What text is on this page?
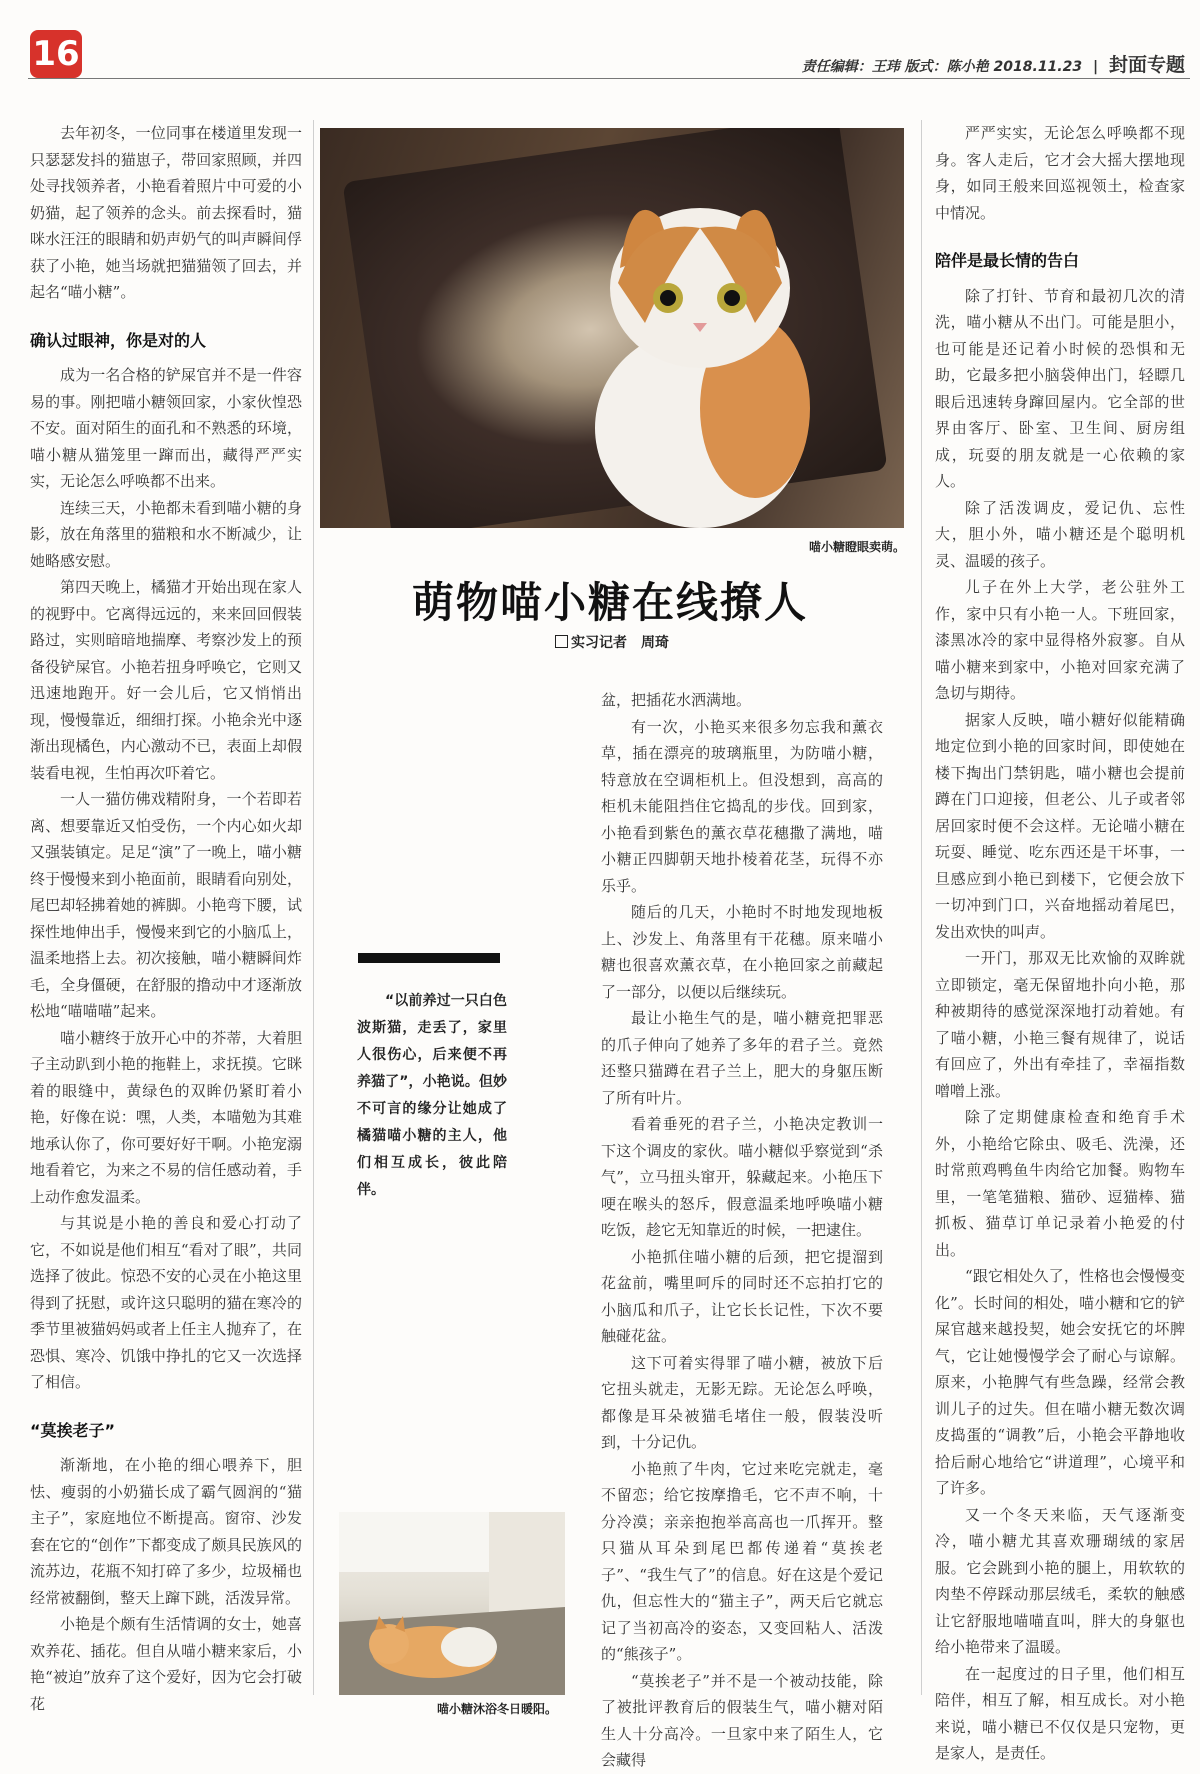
16	责任编辑：王玮 版式：陈小艳 2018.11.23 | 封面专题

去年初冬，一位同事在楼道里发现一只瑟瑟发抖的猫崽子，带回家照顾，并四处寻找领养者，小艳看着照片中可爱的小奶猫，起了领养的念头。前去探看时，猫咪水汪汪的眼睛和奶声奶气的叫声瞬间俘获了小艳，她当场就把猫猫领了回去，并起名“喵小糖”。

确认过眼神，你是对的人

成为一名合格的铲屎官并不是一件容易的事。刚把喵小糖领回家，小家伙惶恐不安。面对陌生的面孔和不熟悉的环境，喵小糖从猫笼里一蹿而出，藏得严严实实，无论怎么呼唤都不出来。

连续三天，小艳都未看到喵小糖的身影，放在角落里的猫粮和水不断减少，让她略感安慰。

第四天晚上，橘猫才开始出现在家人的视野中。它离得远远的，来来回回假装路过，实则暗暗地揣摩、考察沙发上的预备役铲屎官。小艳若扭身呼唤它，它则又迅速地跑开。好一会儿后，它又悄悄出现，慢慢靠近，细细打探。小艳余光中逐渐出现橘色，内心激动不已，表面上却假装看电视，生怕再次吓着它。

一人一猫仿佛戏精附身，一个若即若离、想要靠近又怕受伤，一个内心如火却又强装镇定。足足“演”了一晚上，喵小糖终于慢慢来到小艳面前，眼睛看向别处，尾巴却轻拂着她的裤脚。小艳弯下腰，试探性地伸出手，慢慢来到它的小脑瓜上，温柔地搭上去。初次接触，喵小糖瞬间炸毛，全身僵硬，在舒服的撸动中才逐渐放松地“喵喵喵”起来。

喵小糖终于放开心中的芥蒂，大着胆子主动趴到小艳的拖鞋上，求抚摸。它眯着的眼缝中，黄绿色的双眸仍紧盯着小艳，好像在说：嘿，人类，本喵勉为其难地承认你了，你可要好好干啊。小艳宠溺地看着它，为来之不易的信任感动着，手上动作愈发温柔。

与其说是小艳的善良和爱心打动了它，不如说是他们相互“看对了眼”，共同选择了彼此。惊恐不安的心灵在小艳这里得到了抚慰，或许这只聪明的猫在寒冷的季节里被猫妈妈或者上任主人抛弃了，在恐惧、寒冷、饥饿中挣扎的它又一次选择了相信。

“莫挨老子”

渐渐地，在小艳的细心喂养下，胆怯、瘦弱的小奶猫长成了霸气圆润的“猫主子”，家庭地位不断提高。窗帘、沙发套在它的“创作”下都变成了颇具民族风的流苏边，花瓶不知打碎了多少，垃圾桶也经常被翻倒，整天上蹿下跳，活泼异常。

小艳是个颇有生活情调的女士，她喜欢养花、插花。但自从喵小糖来家后，小艳“被迫”放弃了这个爱好，因为它会打破花

喵小糖瞪眼卖萌。
萌物喵小糖在线撩人
实习记者　周琦
“以前养过一只白色波斯猫，走丢了，家里人很伤心，后来便不再养猫了”，小艳说。但妙不可言的缘分让她成了橘猫喵小糖的主人，他们相互成长，彼此陪伴。

盆，把插花水洒满地。

有一次，小艳买来很多勿忘我和薰衣草，插在漂亮的玻璃瓶里，为防喵小糖，特意放在空调柜机上。但没想到，高高的柜机未能阻挡住它捣乱的步伐。回到家，小艳看到紫色的薰衣草花穗撒了满地，喵小糖正四脚朝天地扑棱着花茎，玩得不亦乐乎。

随后的几天，小艳时不时地发现地板上、沙发上、角落里有干花穗。原来喵小糖也很喜欢薰衣草，在小艳回家之前藏起了一部分，以便以后继续玩。

最让小艳生气的是，喵小糖竟把罪恶的爪子伸向了她养了多年的君子兰。竟然还整只猫蹲在君子兰上，肥大的身躯压断了所有叶片。

看着垂死的君子兰，小艳决定教训一下这个调皮的家伙。喵小糖似乎察觉到“杀气”，立马扭头窜开，躲藏起来。小艳压下哽在喉头的怒斥，假意温柔地呼唤喵小糖吃饭，趁它无知靠近的时候，一把逮住。

小艳抓住喵小糖的后颈，把它提溜到花盆前，嘴里呵斥的同时还不忘拍打它的小脑瓜和爪子，让它长长记性，下次不要触碰花盆。

这下可着实得罪了喵小糖，被放下后它扭头就走，无影无踪。无论怎么呼唤，都像是耳朵被猫毛堵住一般，假装没听到，十分记仇。

小艳煎了牛肉，它过来吃完就走，毫不留恋；给它按摩撸毛，它不声不响，十分冷漠；亲亲抱抱举高高也一爪挥开。整只猫从耳朵到尾巴都传递着“莫挨老子”、“我生气了”的信息。好在这是个爱记仇，但忘性大的“猫主子”，两天后它就忘记了当初高冷的姿态，又变回粘人、活泼的“熊孩子”。

“莫挨老子”并不是一个被动技能，除了被批评教育后的假装生气，喵小糖对陌生人十分高冷。一旦家中来了陌生人，它会藏得

喵小糖沐浴冬日暖阳。

严严实实，无论怎么呼唤都不现身。客人走后，它才会大摇大摆地现身，如同王般来回巡视领土，检查家中情况。

陪伴是最长情的告白

除了打针、节育和最初几次的清洗，喵小糖从不出门。可能是胆小，也可能是还记着小时候的恐惧和无助，它最多把小脑袋伸出门，轻瞟几眼后迅速转身蹿回屋内。它全部的世界由客厅、卧室、卫生间、厨房组成，玩耍的朋友就是一心依赖的家人。

除了活泼调皮，爱记仇、忘性大，胆小外，喵小糖还是个聪明机灵、温暖的孩子。

儿子在外上大学，老公驻外工作，家中只有小艳一人。下班回家，漆黑冰冷的家中显得格外寂寥。自从喵小糖来到家中，小艳对回家充满了急切与期待。

据家人反映，喵小糖好似能精确地定位到小艳的回家时间，即使她在楼下掏出门禁钥匙，喵小糖也会提前蹲在门口迎接，但老公、儿子或者邻居回家时便不会这样。无论喵小糖在玩耍、睡觉、吃东西还是干坏事，一旦感应到小艳已到楼下，它便会放下一切冲到门口，兴奋地摇动着尾巴，发出欢快的叫声。

一开门，那双无比欢愉的双眸就立即锁定，毫无保留地扑向小艳，那种被期待的感觉深深地打动着她。有了喵小糖，小艳三餐有规律了，说话有回应了，外出有牵挂了，幸福指数噌噌上涨。

除了定期健康检查和绝育手术外，小艳给它除虫、吸毛、洗澡，还时常煎鸡鸭鱼牛肉给它加餐。购物车里，一笔笔猫粮、猫砂、逗猫棒、猫抓板、猫草订单记录着小艳爱的付出。

“跟它相处久了，性格也会慢慢变化”。长时间的相处，喵小糖和它的铲屎官越来越投契，她会安抚它的坏脾气，它让她慢慢学会了耐心与谅解。原来，小艳脾气有些急躁，经常会教训儿子的过失。但在喵小糖无数次调皮捣蛋的“调教”后，小艳会平静地收拾后耐心地给它“讲道理”，心境平和了许多。

又一个冬天来临，天气逐渐变冷，喵小糖尤其喜欢珊瑚绒的家居服。它会跳到小艳的腿上，用软软的肉垫不停踩动那层绒毛，柔软的触感让它舒服地喵喵直叫，胖大的身躯也给小艳带来了温暖。

在一起度过的日子里，他们相互陪伴，相互了解，相互成长。对小艳来说，喵小糖已不仅仅是只宠物，更是家人，是责任。
